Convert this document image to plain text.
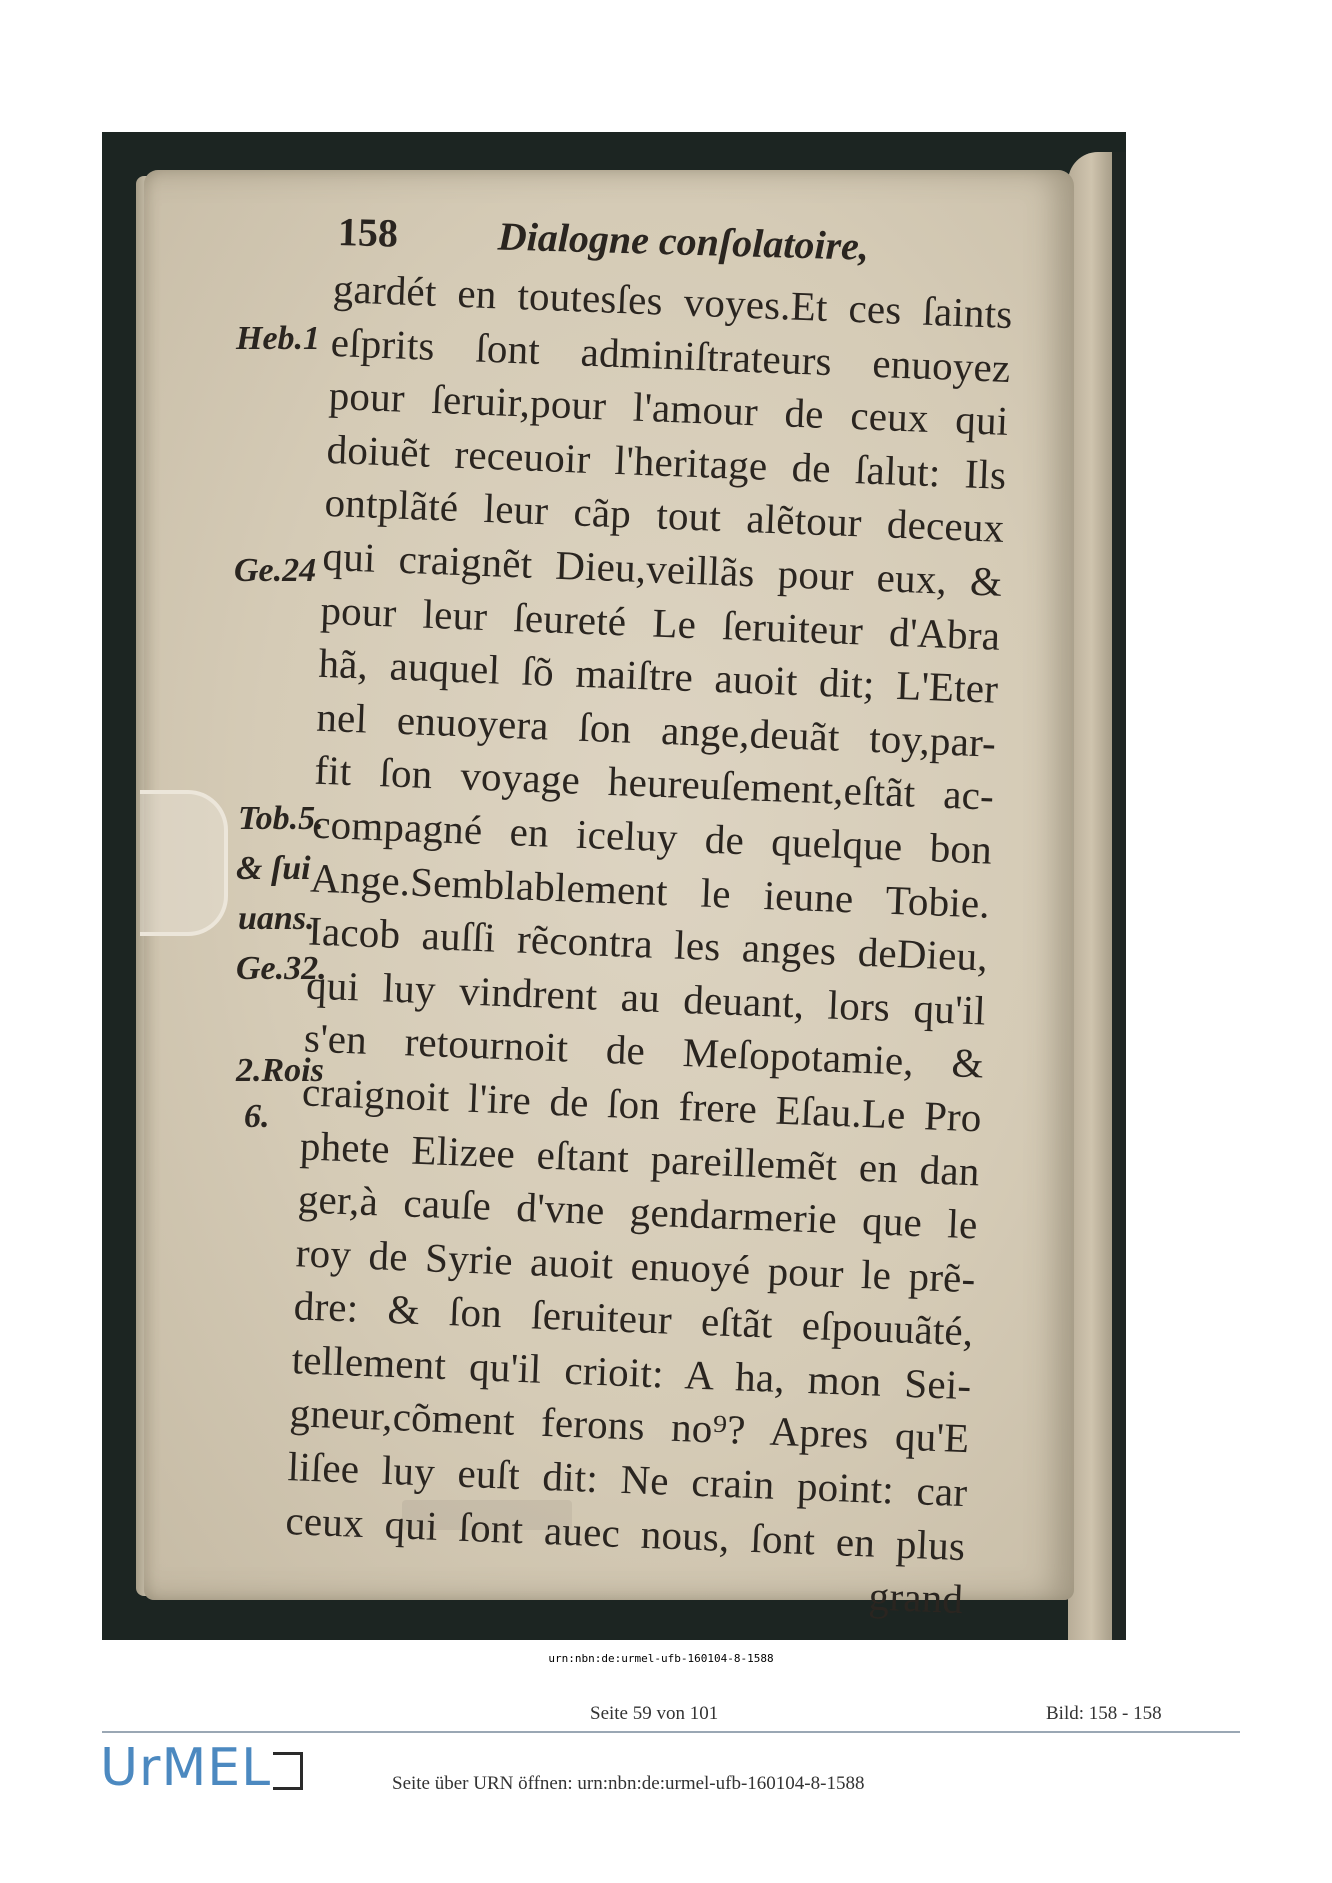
158 Dialogne conſolatoire,
gardét en toutesſes voyes.Et ces ſaints
eſprits ſont adminiſtrateurs enuoyez
pour ſeruir,pour l'amour de ceux qui
doiuẽt receuoir l'heritage de ſalut: Ils
ontplãté leur cãp tout alẽtour deceux
qui craignẽt Dieu,veillãs pour eux, &
pour leur ſeureté Le ſeruiteur d'Abra
hã, auquel ſõ maiſtre auoit dit; L'Eter
nel enuoyera ſon ange,deuãt toy,par-
fit ſon voyage heureuſement,eſtãt ac-
compagné en iceluy de quelque bon
Ange.Semblablement le ieune Tobie.
Iacob auſſi rẽcontra les anges deDieu,
qui luy vindrent au deuant, lors qu'il
s'en retournoit de Meſopotamie, &
craignoit l'ire de ſon frere Eſau.Le Pro
phete Elizee eſtant pareillemẽt en dan
ger,à cauſe d'vne gendarmerie que le
roy de Syrie auoit enuoyé pour le prẽ-
dre: & ſon ſeruiteur eſtãt eſpouuãté,
tellement qu'il crioit: A ha, mon Sei-
gneur,cõment ferons no⁹? Apres qu'E
liſee luy euſt dit: Ne crain point: car
ceux qui ſont auec nous, ſont en plus
grand
Heb.1
Ge.24
Tob.5.
& ſui
uans.
Ge.32.
2.Rois
6.
urn:nbn:de:urmel-ufb-160104-8-1588
Seite 59 von 101	Bild: 158 - 158
UrMEL	Seite über URN öffnen: urn:nbn:de:urmel-ufb-160104-8-1588
